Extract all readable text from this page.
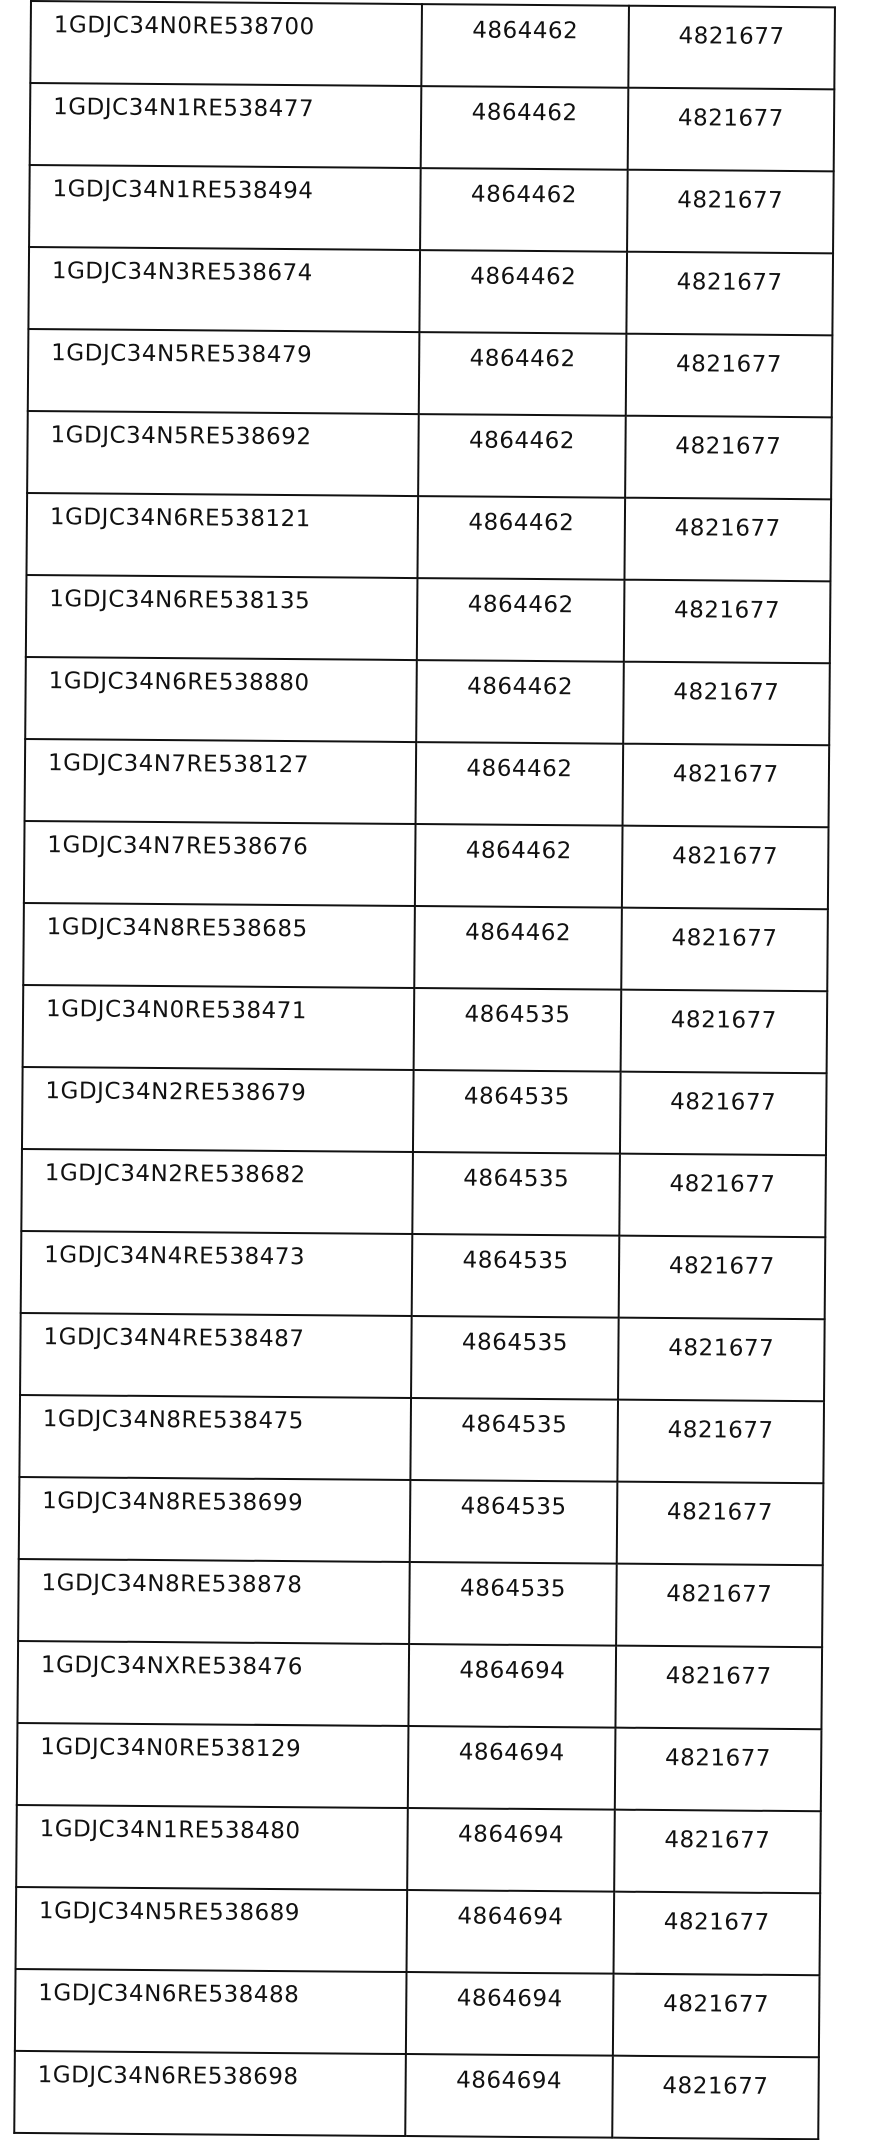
1GDJC34N0RE538700	4864462	4821677
1GDJC34N1RE538477	4864462	4821677
1GDJC34N1RE538494	4864462	4821677
1GDJC34N3RE538674	4864462	4821677
1GDJC34N5RE538479	4864462	4821677
1GDJC34N5RE538692	4864462	4821677
1GDJC34N6RE538121	4864462	4821677
1GDJC34N6RE538135	4864462	4821677
1GDJC34N6RE538880	4864462	4821677
1GDJC34N7RE538127	4864462	4821677
1GDJC34N7RE538676	4864462	4821677
1GDJC34N8RE538685	4864462	4821677
1GDJC34N0RE538471	4864535	4821677
1GDJC34N2RE538679	4864535	4821677
1GDJC34N2RE538682	4864535	4821677
1GDJC34N4RE538473	4864535	4821677
1GDJC34N4RE538487	4864535	4821677
1GDJC34N8RE538475	4864535	4821677
1GDJC34N8RE538699	4864535	4821677
1GDJC34N8RE538878	4864535	4821677
1GDJC34NXRE538476	4864694	4821677
1GDJC34N0RE538129	4864694	4821677
1GDJC34N1RE538480	4864694	4821677
1GDJC34N5RE538689	4864694	4821677
1GDJC34N6RE538488	4864694	4821677
1GDJC34N6RE538698	4864694	4821677
